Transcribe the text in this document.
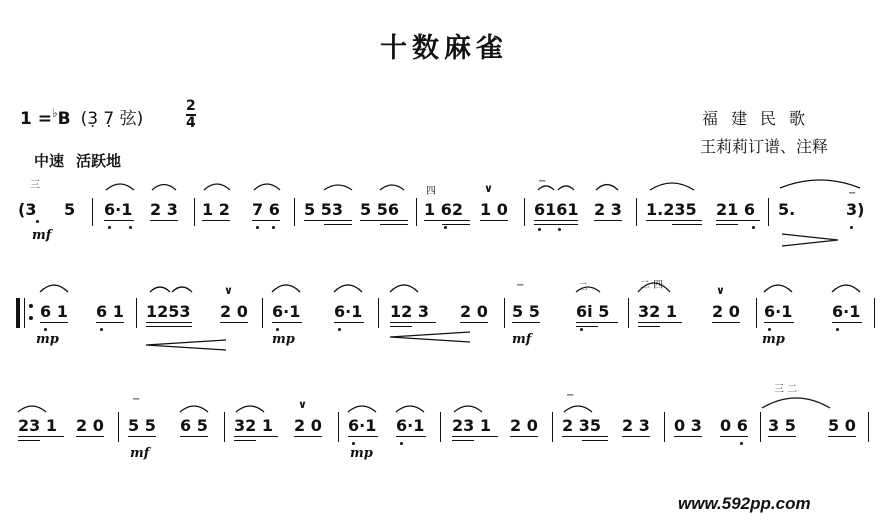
十数麻雀
1 =♭B (3̣ 7̣ 弦)
2
4	福建民歌
王莉莉订谱、注释
中速 活跃地
三
(3 5
mf
6·1 2 3 1 2 7 6 5 53 5 56
四
1 62
∨
1 0
−
6161 2 3 1.235 21 6 5.	3)
−
6 1 6 1
mp
1253
∨
2 0 6·1 6·1
mp
12 3 2 0
−
5 5
mf
二
6i 5
二 四
32 1
∨
2 0 6·1 6·1
mp
23 1 2 0
−
5 5 6 5
mf
32 1
∨
2 0 6·1 6·1
mp
23 1 2 0
−
2 35 2 3 0 3 0 6
三 二
3 5 5 0
www.592pp.com
